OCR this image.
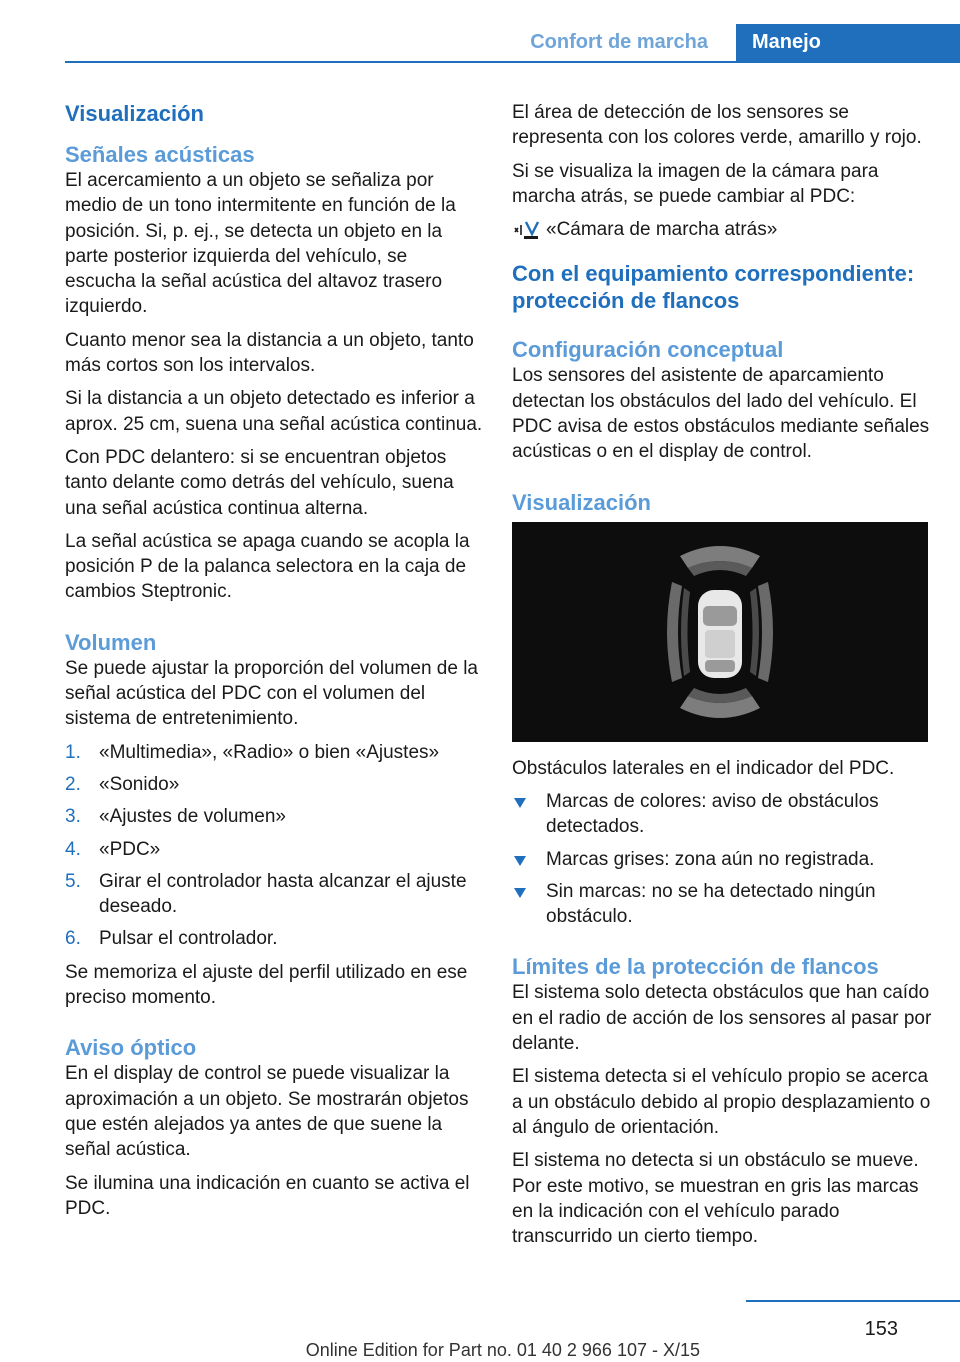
Confort de marcha	Manejo
Visualización
Señales acústicas

El acercamiento a un objeto se señaliza por medio de un tono intermitente en función de la posición. Si, p. ej., se detecta un objeto en la parte posterior izquierda del vehículo, se escucha la señal acústica del altavoz trasero izquierdo.

Cuanto menor sea la distancia a un objeto, tanto más cortos son los intervalos.

Si la distancia a un objeto detectado es inferior a aprox. 25 cm, suena una señal acústica continua.

Con PDC delantero: si se encuentran objetos tanto delante como detrás del vehículo, suena una señal acústica continua alterna.

La señal acústica se apaga cuando se acopla la posición P de la palanca selectora en la caja de cambios Steptronic.

Volumen

Se puede ajustar la proporción del volumen de la señal acústica del PDC con el volumen del sistema de entretenimiento.

1. «Multimedia», «Radio» o bien «Ajustes»
2. «Sonido»
3. «Ajustes de volumen»
4. «PDC»
5. Girar el controlador hasta alcanzar el ajuste deseado.
6. Pulsar el controlador.

Se memoriza el ajuste del perfil utilizado en ese preciso momento.

Aviso óptico

En el display de control se puede visualizar la aproximación a un objeto. Se mostrarán objetos que estén alejados ya antes de que suene la señal acústica.

Se ilumina una indicación en cuanto se activa el PDC.

El área de detección de los sensores se representa con los colores verde, amarillo y rojo.

Si se visualiza la imagen de la cámara para marcha atrás, se puede cambiar al PDC:

«Cámara de marcha atrás»
Con el equipamiento correspondiente: protección de flancos
Configuración conceptual

Los sensores del asistente de aparcamiento detectan los obstáculos del lado del vehículo. El PDC avisa de estos obstáculos mediante señales acústicas o en el display de control.

Visualización

Obstáculos laterales en el indicador del PDC.

Marcas de colores: aviso de obstáculos detectados.
Marcas grises: zona aún no registrada.
Sin marcas: no se ha detectado ningún obstáculo.
Límites de la protección de flancos

El sistema solo detecta obstáculos que han caído en el radio de acción de los sensores al pasar por delante.

El sistema detecta si el vehículo propio se acerca a un obstáculo debido al propio desplazamiento o al ángulo de orientación.

El sistema no detecta si un obstáculo se mueve. Por este motivo, se muestran en gris las marcas en la indicación con el vehículo parado transcurrido un cierto tiempo.

153
Online Edition for Part no. 01 40 2 966 107 - X/15
